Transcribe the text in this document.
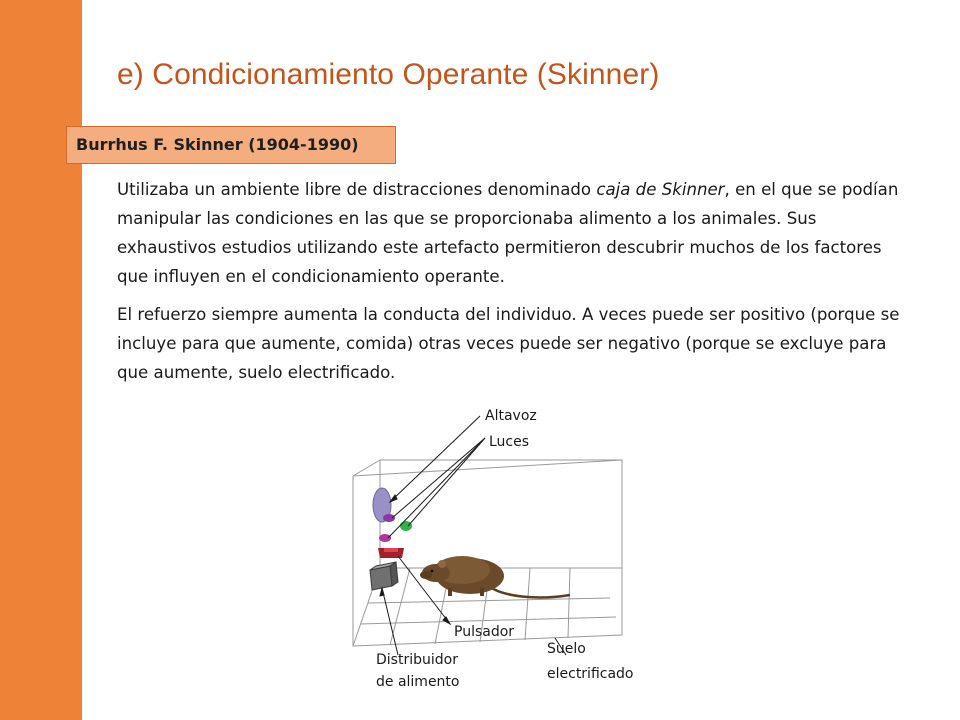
e) Condicionamiento Operante (Skinner)
Burrhus F. Skinner (1904-1990)

Utilizaba un ambiente libre de distracciones denominado caja de Skinner, en el que se podían manipular las condiciones en las que se proporcionaba alimento a los animales. Sus exhaustivos estudios utilizando este artefacto permitieron descubrir muchos de los factores que influyen en el condicionamiento operante.

El refuerzo siempre aumenta la conducta del individuo. A veces puede ser positivo (porque se incluye para que aumente, comida) otras veces puede ser negativo (porque se excluye para que aumente, suelo electrificado.

Altavoz
Luces
Pulsador
Distribuidor
de alimento
Suelo
electrificado
